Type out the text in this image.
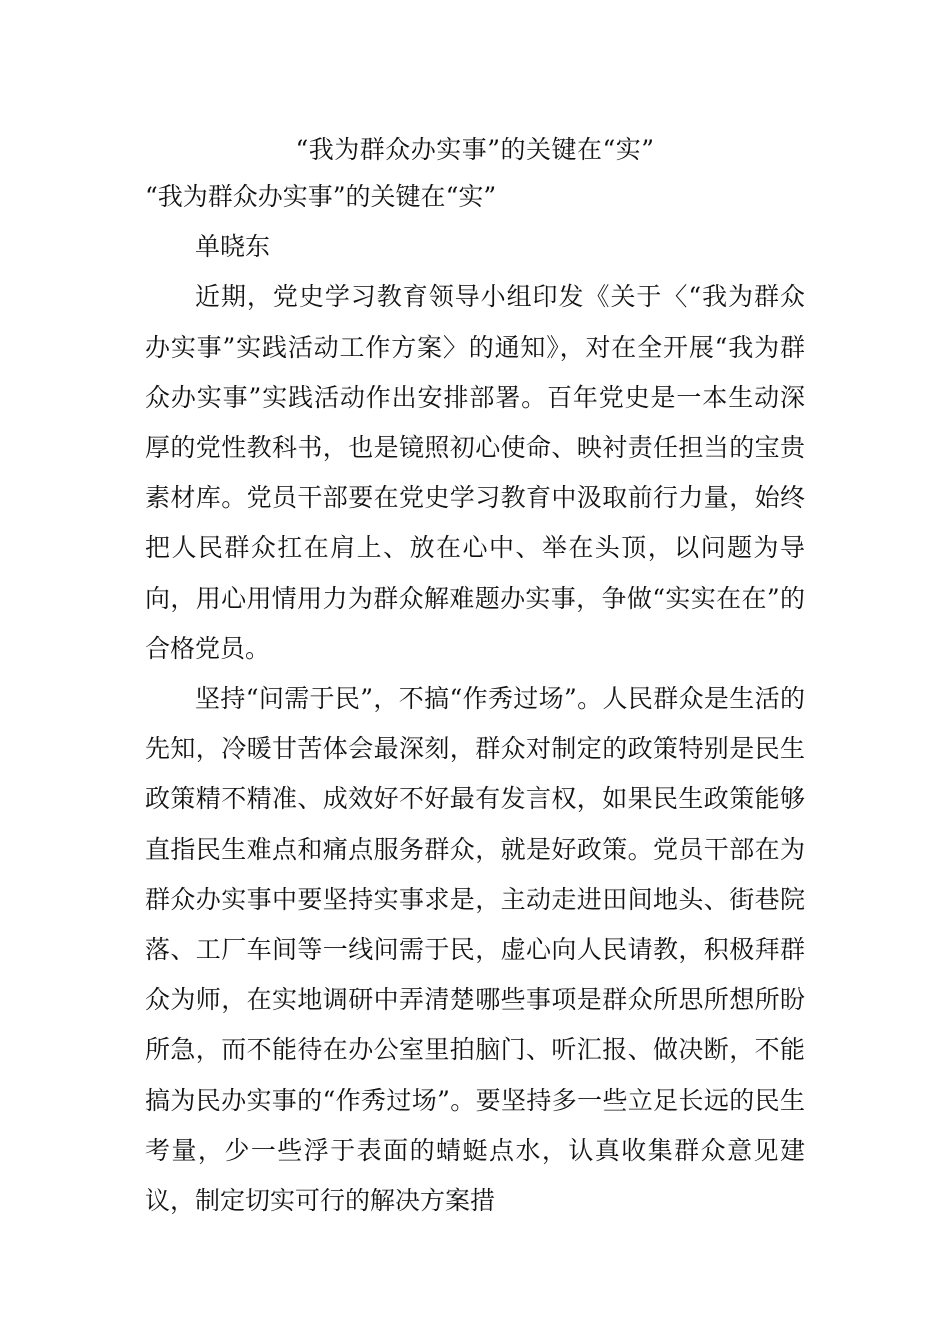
“我为群众办实事”的关键在“实”

“我为群众办实事”的关键在“实”

单晓东

近期，党史学习教育领导小组印发《关于〈“我为群众办实事”实践活动工作方案〉的通知》，对在全开展“我为群众办实事”实践活动作出安排部署。百年党史是一本生动深厚的党性教科书，也是镜照初心使命、映衬责任担当的宝贵素材库。党员干部要在党史学习教育中汲取前行力量，始终把人民群众扛在肩上、放在心中、举在头顶，以问题为导向，用心用情用力为群众解难题办实事，争做“实实在在”的合格党员。

坚持“问需于民”，不搞“作秀过场”。人民群众是生活的先知，冷暖甘苦体会最深刻，群众对制定的政策特别是民生政策精不精准、成效好不好最有发言权，如果民生政策能够直指民生难点和痛点服务群众，就是好政策。党员干部在为群众办实事中要坚持实事求是，主动走进田间地头、街巷院落、工厂车间等一线问需于民，虚心向人民请教，积极拜群众为师，在实地调研中弄清楚哪些事项是群众所思所想所盼所急，而不能待在办公室里拍脑门、听汇报、做决断，不能搞为民办实事的“作秀过场”。要坚持多一些立足长远的民生考量，少一些浮于表面的蜻蜓点水，认真收集群众意见建议，制定切实可行的解决方案措
